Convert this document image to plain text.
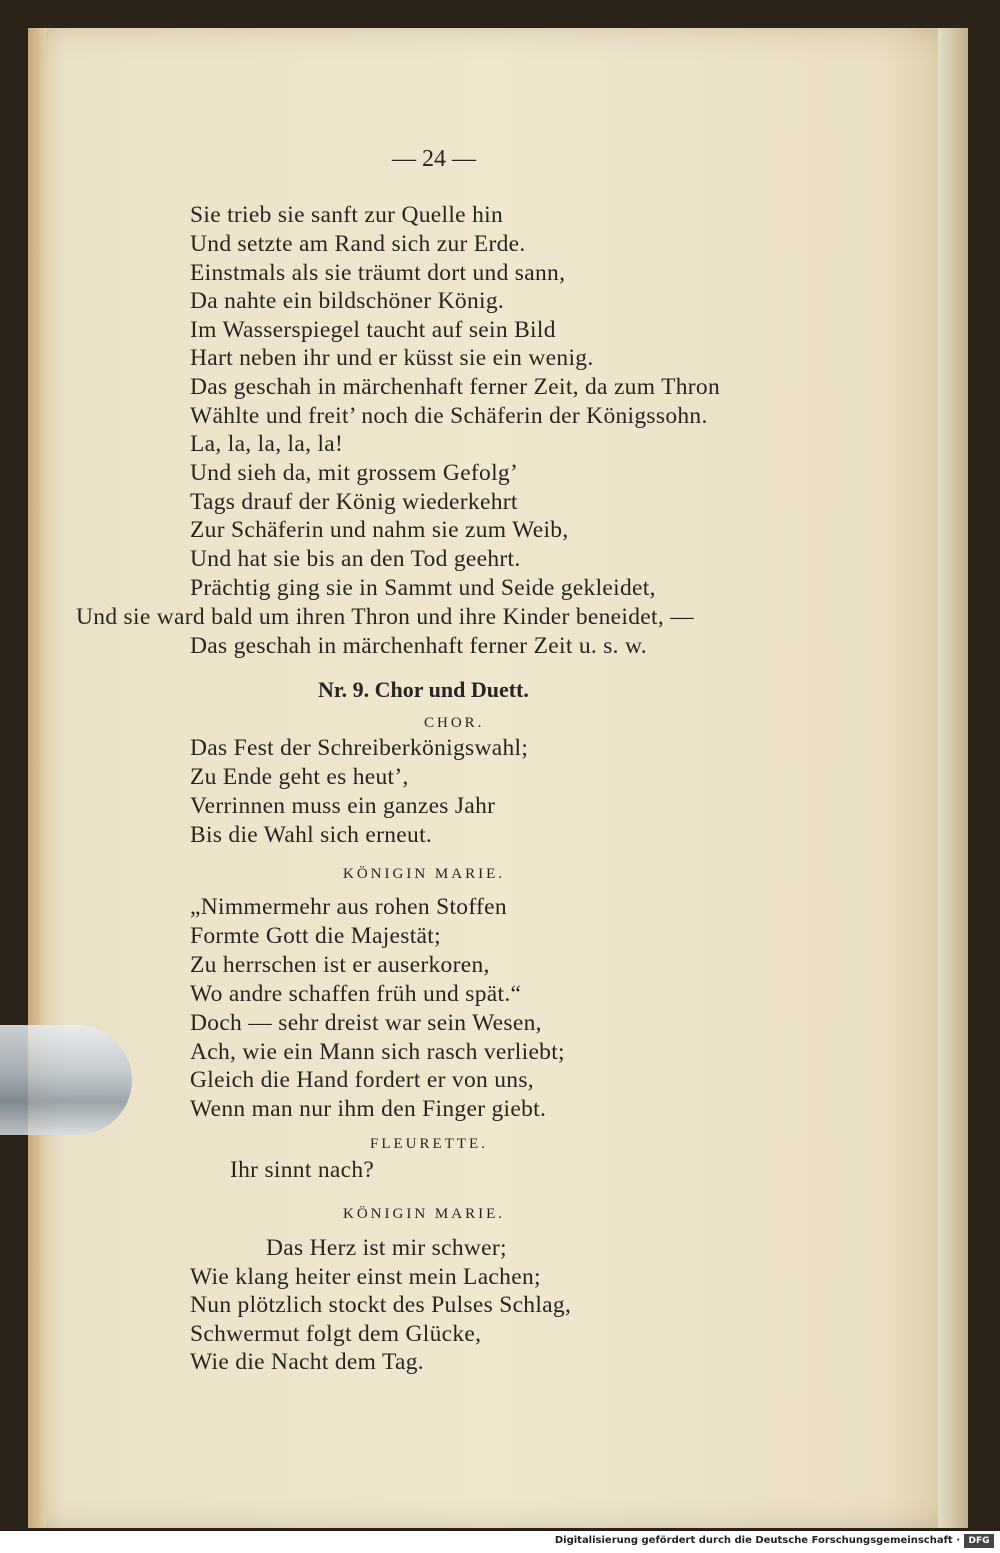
— 24 —
Sie trieb sie sanft zur Quelle hin
Und setzte am Rand sich zur Erde.
Einstmals als sie träumt dort und sann,
Da nahte ein bildschöner König.
Im Wasserspiegel taucht auf sein Bild
Hart neben ihr und er küsst sie ein wenig.
Das geschah in märchenhaft ferner Zeit, da zum Thron
Wählte und freit’ noch die Schäferin der Königssohn.
La, la, la, la, la!
Und sieh da, mit grossem Gefolg’
Tags drauf der König wiederkehrt
Zur Schäferin und nahm sie zum Weib,
Und hat sie bis an den Tod geehrt.
Prächtig ging sie in Sammt und Seide gekleidet,
Und sie ward bald um ihren Thron und ihre Kinder beneidet, —
Das geschah in märchenhaft ferner Zeit u. s. w.
Nr. 9. Chor und Duett.
CHOR.
Das Fest der Schreiberkönigswahl;
Zu Ende geht es heut’,
Verrinnen muss ein ganzes Jahr
Bis die Wahl sich erneut.
KÖNIGIN MARIE.
„Nimmermehr aus rohen Stoffen
Formte Gott die Majestät;
Zu herrschen ist er auserkoren,
Wo andre schaffen früh und spät.“
Doch — sehr dreist war sein Wesen,
Ach, wie ein Mann sich rasch verliebt;
Gleich die Hand fordert er von uns,
Wenn man nur ihm den Finger giebt.
FLEURETTE.
Ihr sinnt nach?
KÖNIGIN MARIE.
Das Herz ist mir schwer;
Wie klang heiter einst mein Lachen;
Nun plötzlich stockt des Pulses Schlag,
Schwermut folgt dem Glücke,
Wie die Nacht dem Tag.
Digitalisierung gefördert durch die Deutsche Forschungsgemeinschaft · DFG
